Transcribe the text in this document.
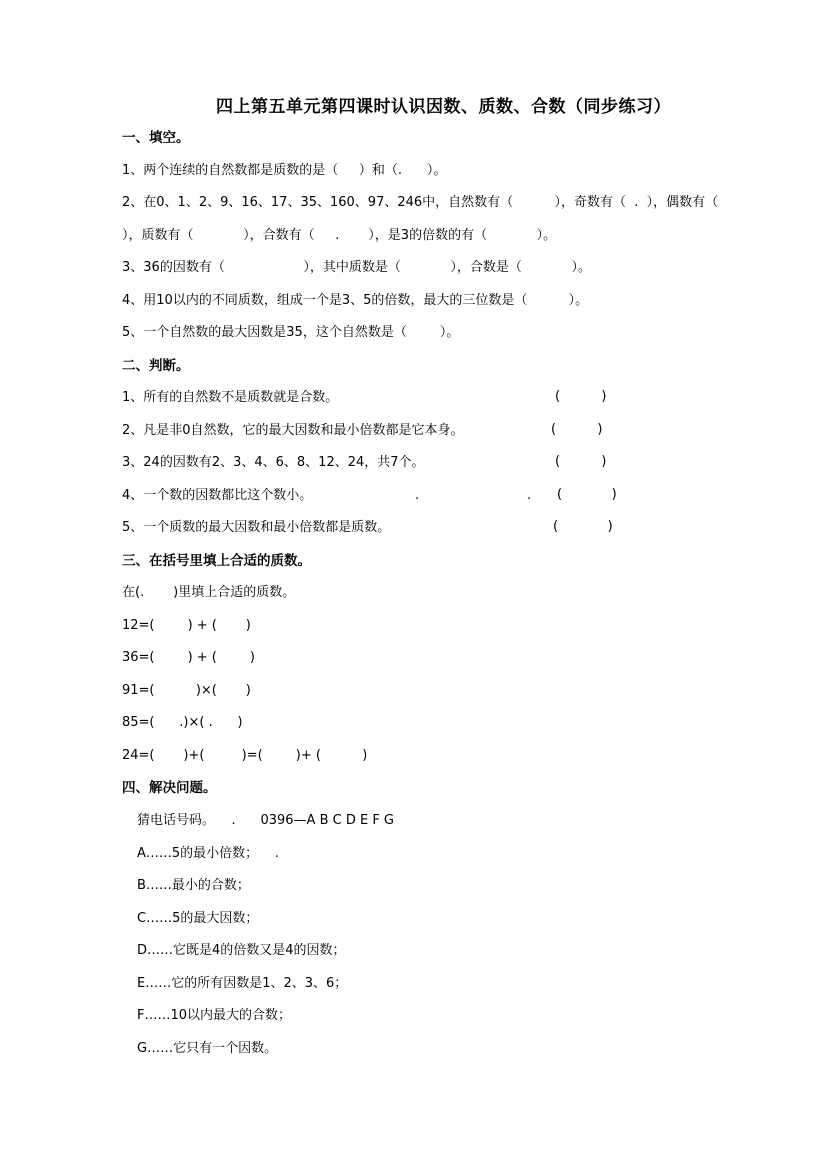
四上第五单元第四课时认识因数、质数、合数（同步练习）
一、填空。
1、两个连续的自然数都是质数的是（     ）和（.      ）。
2、在0、1、2、9、16、17、35、160、97、246中，自然数有（          ），奇数有（  .  ），偶数有（
），质数有（            ），合数有（     .       ），是3的倍数的有（            ）。
3、36的因数有（                   ），其中质数是（            ），合数是（            ）。
4、用10以内的不同质数，组成一个是3、5的倍数，最大的三位数是（          ）。
5、一个自然数的最大因数是35，这个自然数是（        ）。
二、判断。
1、所有的自然数不是质数就是合数。	(          )
2、凡是非0自然数，它的最大因数和最小倍数都是它本身。	(          )
3、24的因数有2、3、4、6、8、12、24，共7个。	(          )
4、一个数的因数都比这个数小。	.	. (            )
5、一个质数的最大因数和最小倍数都是质数。	(            )
三、在括号里填上合适的质数。
在(.       )里填上合适的质数。
12=(        ) + (       )
36=(        ) + (        )
91=(          )×(       )
85=(      .)×( .      )
24=(       )+(         )=(        )+ (          )
四、解决问题。
猜电话号码。    .      0396—A B C D E F G
A……5的最小倍数；    .
B……最小的合数；
C……5的最大因数；
D……它既是4的倍数又是4的因数；
E……它的所有因数是1、2、3、6；
F……10以内最大的合数；
G……它只有一个因数。
